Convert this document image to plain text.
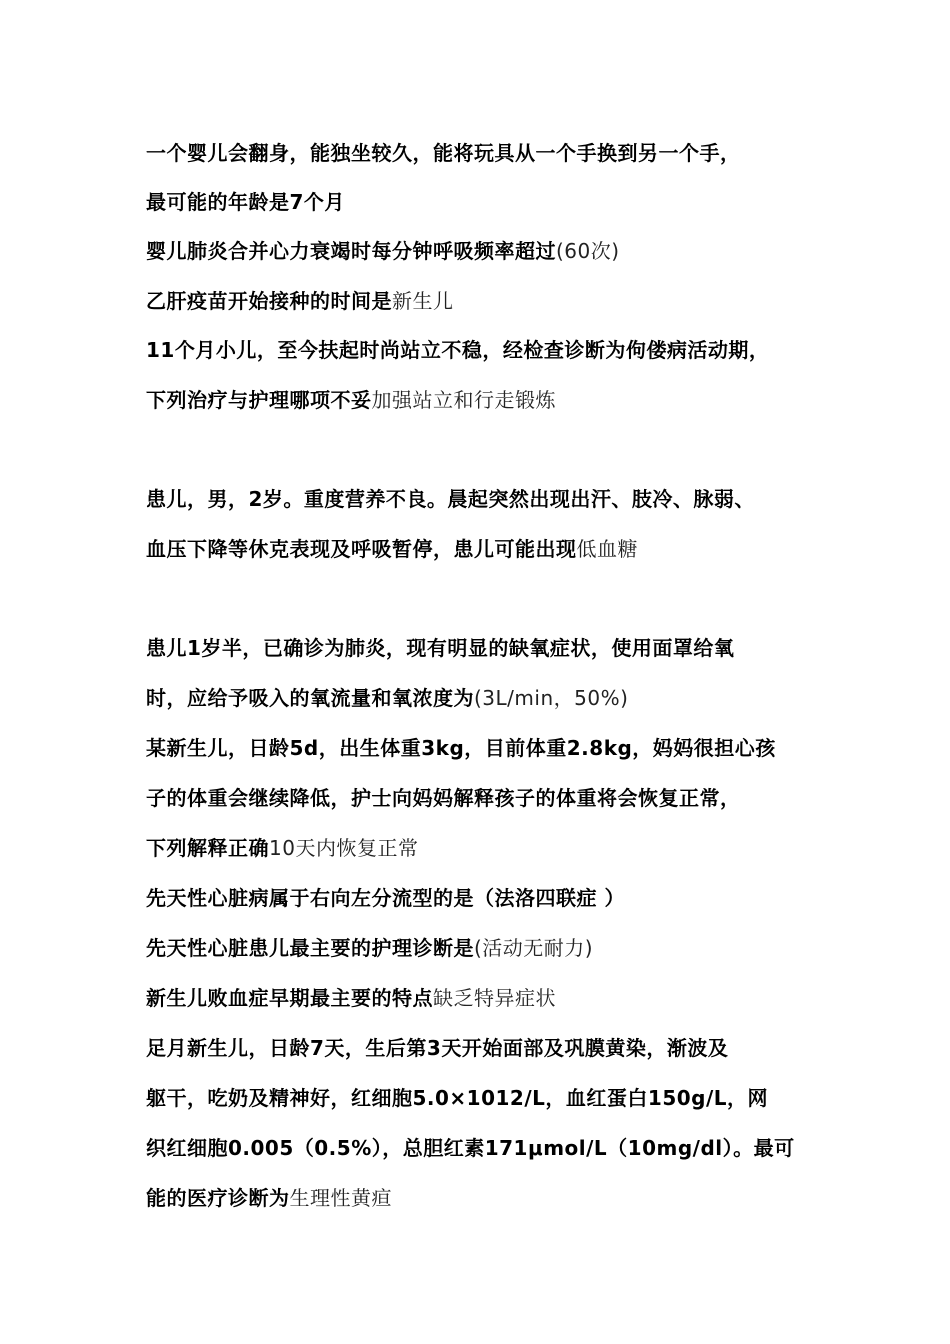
一个婴儿会翻身，能独坐较久，能将玩具从一个手换到另一个手，
最可能的年龄是7个月
婴儿肺炎合并心力衰竭时每分钟呼吸频率超过(60次)
乙肝疫苗开始接种的时间是新生儿
11个月小儿，至今扶起时尚站立不稳，经检查诊断为佝偻病活动期，
下列治疗与护理哪项不妥加强站立和行走锻炼
患儿，男，2岁。重度营养不良。晨起突然出现出汗、肢冷、脉弱、
血压下降等休克表现及呼吸暂停，患儿可能出现低血糖
患儿1岁半，已确诊为肺炎，现有明显的缺氧症状，使用面罩给氧
时，应给予吸入的氧流量和氧浓度为(3L/min，50%)
某新生儿，日龄5d，出生体重3kg，目前体重2.8kg，妈妈很担心孩
子的体重会继续降低，护士向妈妈解释孩子的体重将会恢复正常，
下列解释正确10天内恢复正常
先天性心脏病属于右向左分流型的是（法洛四联症 ）
先天性心脏患儿最主要的护理诊断是(活动无耐力)
新生儿败血症早期最主要的特点缺乏特异症状
足月新生儿，日龄7天，生后第3天开始面部及巩膜黄染，渐波及
躯干，吃奶及精神好，红细胞5.0×1012/L，血红蛋白150g/L，网
织红细胞0.005（0.5%），总胆红素171μmol/L（10mg/dl）。最可
能的医疗诊断为生理性黄疸
